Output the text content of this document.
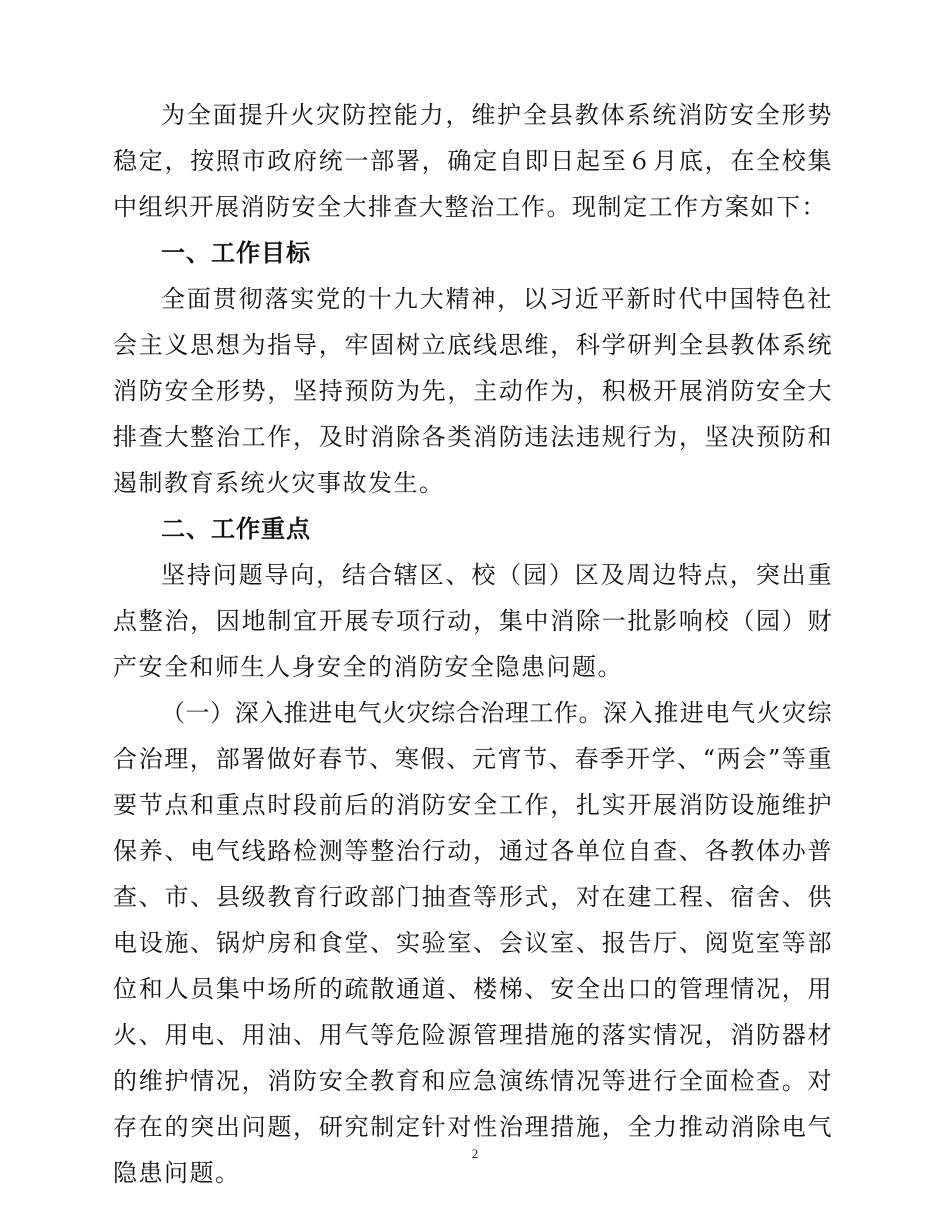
为全面提升火灾防控能力，维护全县教体系统消防安全形势稳定，按照市政府统一部署，确定自即日起至６月底，在全校集中组织开展消防安全大排查大整治工作。现制定工作方案如下：

一、工作目标

全面贯彻落实党的十九大精神，以习近平新时代中国特色社会主义思想为指导，牢固树立底线思维，科学研判全县教体系统消防安全形势，坚持预防为先，主动作为，积极开展消防安全大排查大整治工作，及时消除各类消防违法违规行为，坚决预防和遏制教育系统火灾事故发生。

二、工作重点

坚持问题导向，结合辖区、校（园）区及周边特点，突出重点整治，因地制宜开展专项行动，集中消除一批影响校（园）财产安全和师生人身安全的消防安全隐患问题。

（一）深入推进电气火灾综合治理工作。深入推进电气火灾综合治理，部署做好春节、寒假、元宵节、春季开学、“两会”等重要节点和重点时段前后的消防安全工作，扎实开展消防设施维护保养、电气线路检测等整治行动，通过各单位自查、各教体办普查、市、县级教育行政部门抽查等形式，对在建工程、宿舍、供电设施、锅炉房和食堂、实验室、会议室、报告厅、阅览室等部位和人员集中场所的疏散通道、楼梯、安全出口的管理情况，用火、用电、用油、用气等危险源管理措施的落实情况，消防器材的维护情况，消防安全教育和应急演练情况等进行全面检查。对存在的突出问题，研究制定针对性治理措施，全力推动消除电气隐患问题。

2
